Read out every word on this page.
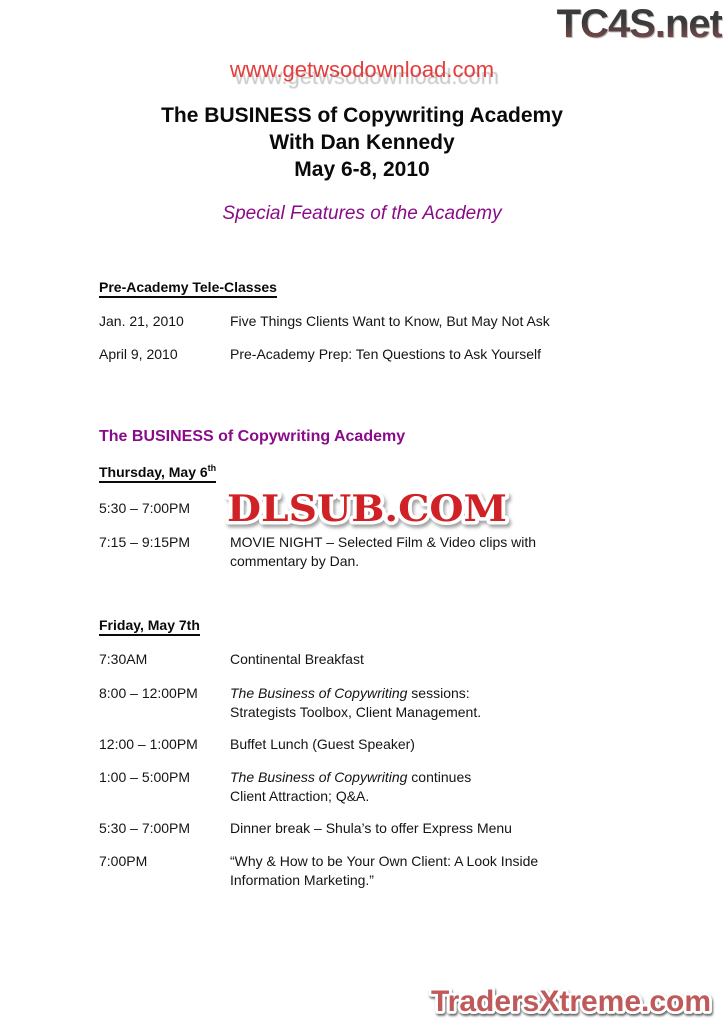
TC4S.net
www.getwsodownload.com
DLSUB.COM
TradersXtreme.com
The BUSINESS of Copywriting Academy
With Dan Kennedy
May 6-8, 2010
Special Features of the Academy
Pre-Academy Tele-Classes
Jan. 21, 2010	Five Things Clients Want to Know, But May Not Ask
April 9, 2010	Pre-Academy Prep: Ten Questions to Ask Yourself
The BUSINESS of Copywriting Academy
Thursday, May 6th
5:30 – 7:00PM
7:15 – 9:15PM	MOVIE NIGHT – Selected Film & Video clips with
commentary by Dan.
Friday, May 7th
7:30AM	Continental Breakfast
8:00 – 12:00PM	The Business of Copywriting sessions:
Strategists Toolbox, Client Management.
12:00 – 1:00PM	Buffet Lunch (Guest Speaker)
1:00 – 5:00PM	The Business of Copywriting continues
Client Attraction; Q&A.
5:30 – 7:00PM	Dinner break – Shula’s to offer Express Menu
7:00PM	“Why & How to be Your Own Client: A Look Inside
Information Marketing.”
